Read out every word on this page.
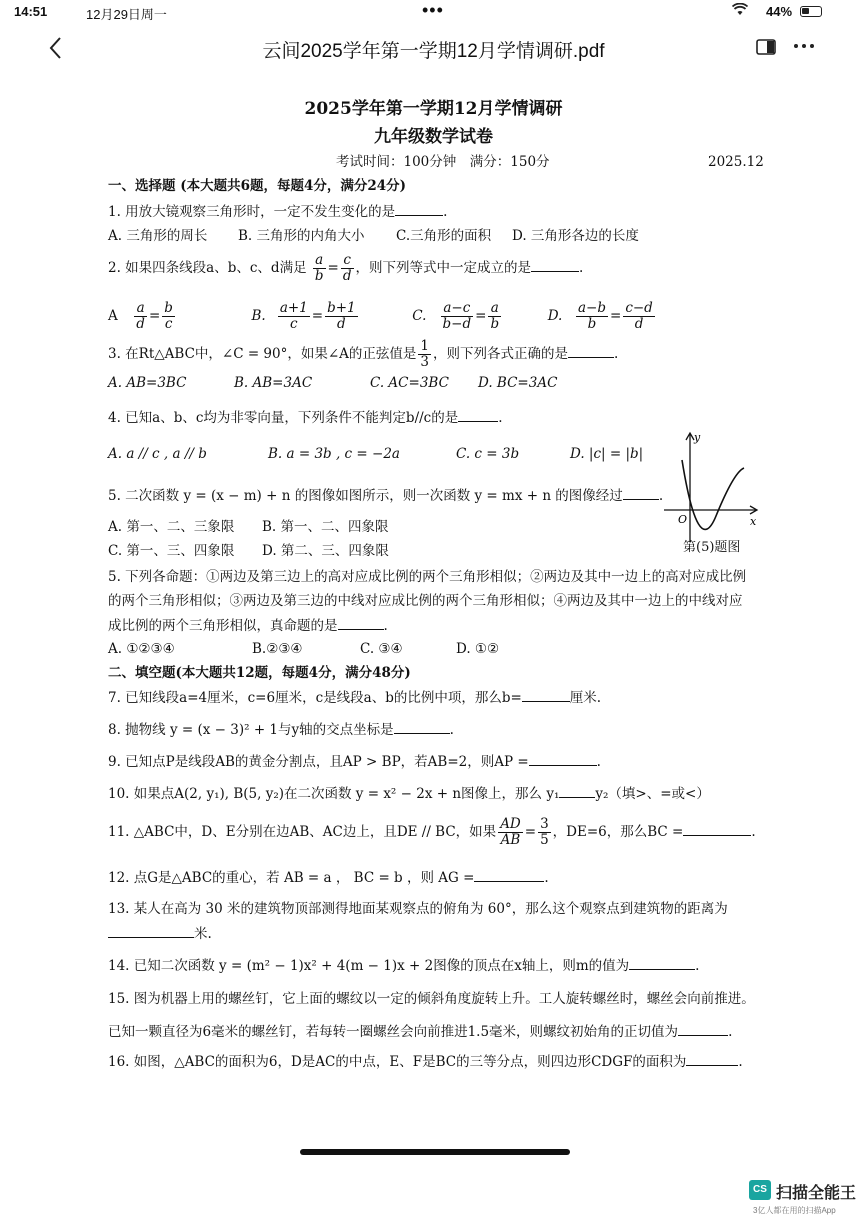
14:51	12月29日周一	•••	44%
云间2025学年第一学期12月学情调研.pdf
2025学年第一学期12月学情调研
九年级数学试卷
考试时间：100分钟　满分：150分	2025.12
一、选择题 (本大题共6题，每题4分，满分24分)
1. 用放大镜观察三角形时，一定不发生变化的是	.
A. 三角形的周长 B. 三角形的内角大小 C.三角形的面积 D. 三角形各边的长度
2. 如果四条线段a、b、c、d满足 $\frac{a}{b} = \frac{c}{d}$ ，则下列等式中一定成立的是	.
A $\frac{a}{d} = \frac{b}{c}$	B. $\frac{a+1}{c} = \frac{b+1}{d}$	C. $\frac{a-c}{b-d} = \frac{a}{b}$	D. $\frac{a-b}{b} = \frac{c-d}{d}$
3. 在Rt△ABC中，∠C = 90°，如果∠A的正弦值是 $\frac{1}{3}$ ，则下列各式正确的是	.
A. AB=3BC	B. AB=3AC	C. AC=3BC D. BC=3AC
4. 已知a、b、c均为非零向量，下列条件不能判定b//c的是	.
A. a // c , a // b	B. a = 3b , c = −2a	C. c = 3b	D. |c| = |b|
5. 二次函数 y = (x − m) + n 的图像如图所示，则一次函数 y = mx + n 的图像经过	.
A. 第一、二、三象限 B. 第一、二、四象限
C. 第一、三、四象限 D. 第二、三、四象限
y
x
O
第(5)题图
5. 下列各命题：①两边及第三边上的高对应成比例的两个三角形相似；②两边及其中一边上的高对应成比例
的两个三角形相似；③两边及第三边的中线对应成比例的两个三角形相似；④两边及其中一边上的中线对应
成比例的两个三角形相似，真命题的是	.
A. ①②③④	B.②③④	C. ③④	D. ①②
二、填空题(本大题共12题，每题4分，满分48分)
7. 已知线段a=4厘米，c=6厘米，c是线段a、b的比例中项，那么b=	厘米.
8. 抛物线 y = (x − 3)² + 1与y轴的交点坐标是	.
9. 已知点P是线段AB的黄金分割点，且AP > BP，若AB=2，则AP =	.
10. 如果点A(2, y₁), B(5, y₂)在二次函数 y = x² − 2x + n图像上，那么 y₁	y₂（填>、=或<）
11. △ABC中，D、E分别在边AB、AC边上，且DE // BC，如果 $\frac{AD}{AB} = \frac{3}{5}$ ，DE=6，那么BC =	.
12. 点G是△ABC的重心，若 AB = a ， BC = b ，则 AG =	.
13. 某人在高为 30 米的建筑物顶部测得地面某观察点的俯角为 60°，那么这个观察点到建筑物的距离为
米.
14. 已知二次函数 y = (m² − 1)x² + 4(m − 1)x + 2图像的顶点在x轴上，则m的值为	.
15. 图为机器上用的螺丝钉，它上面的螺纹以一定的倾斜角度旋转上升。工人旋转螺丝时，螺丝会向前推进。
已知一颗直径为6毫米的螺丝钉，若每转一圈螺丝会向前推进1.5毫米，则螺纹初始角的正切值为	.
16. 如图，△ABC的面积为6，D是AC的中点，E、F是BC的三等分点，则四边形CDGF的面积为	.
CS 扫描全能王
3亿人都在用的扫描App
